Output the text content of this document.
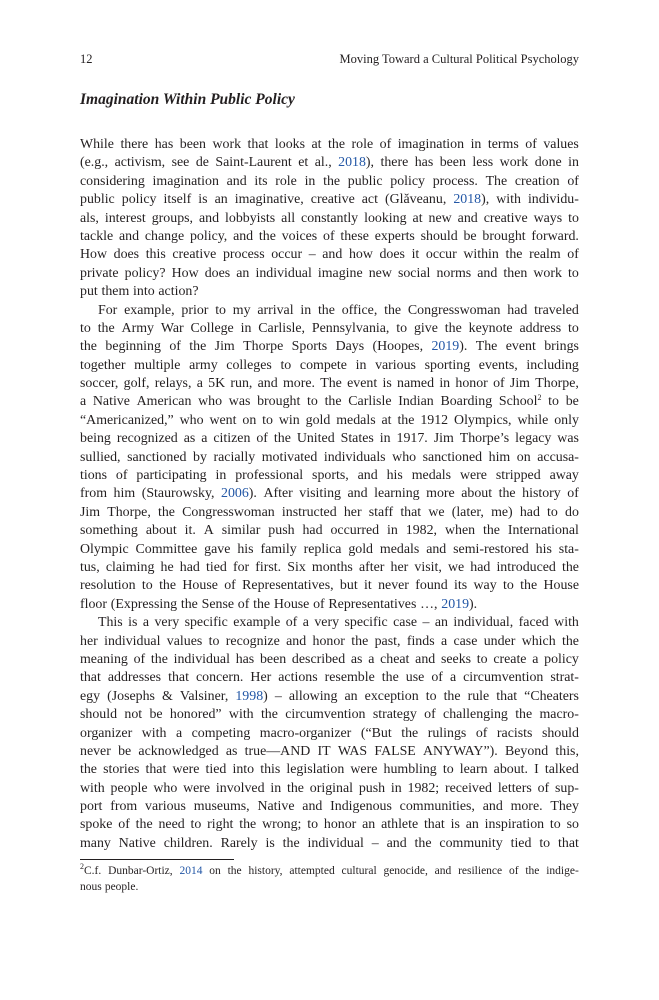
12	Moving Toward a Cultural Political Psychology
Imagination Within Public Policy
While there has been work that looks at the role of imagination in terms of values
(e.g., activism, see de Saint-Laurent et al., 2018), there has been less work done in
considering imagination and its role in the public policy process. The creation of
public policy itself is an imaginative, creative act (Glăveanu, 2018), with individu-
als, interest groups, and lobbyists all constantly looking at new and creative ways to
tackle and change policy, and the voices of these experts should be brought forward.
How does this creative process occur – and how does it occur within the realm of
private policy? How does an individual imagine new social norms and then work to
put them into action?
For example, prior to my arrival in the office, the Congresswoman had traveled
to the Army War College in Carlisle, Pennsylvania, to give the keynote address to
the beginning of the Jim Thorpe Sports Days (Hoopes, 2019). The event brings
together multiple army colleges to compete in various sporting events, including
soccer, golf, relays, a 5K run, and more. The event is named in honor of Jim Thorpe,
a Native American who was brought to the Carlisle Indian Boarding School$^2$ to be
“Americanized,” who went on to win gold medals at the 1912 Olympics, while only
being recognized as a citizen of the United States in 1917. Jim Thorpe’s legacy was
sullied, sanctioned by racially motivated individuals who sanctioned him on accusa-
tions of participating in professional sports, and his medals were stripped away
from him (Staurowsky, 2006). After visiting and learning more about the history of
Jim Thorpe, the Congresswoman instructed her staff that we (later, me) had to do
something about it. A similar push had occurred in 1982, when the International
Olympic Committee gave his family replica gold medals and semi-restored his sta-
tus, claiming he had tied for first. Six months after her visit, we had introduced the
resolution to the House of Representatives, but it never found its way to the House
floor (Expressing the Sense of the House of Representatives …, 2019).
This is a very specific example of a very specific case – an individual, faced with
her individual values to recognize and honor the past, finds a case under which the
meaning of the individual has been described as a cheat and seeks to create a policy
that addresses that concern. Her actions resemble the use of a circumvention strat-
egy (Josephs & Valsiner, 1998) – allowing an exception to the rule that “Cheaters
should not be honored” with the circumvention strategy of challenging the macro-
organizer with a competing macro-organizer (“But the rulings of racists should
never be acknowledged as true—AND IT WAS FALSE ANYWAY”). Beyond this,
the stories that were tied into this legislation were humbling to learn about. I talked
with people who were involved in the original push in 1982; received letters of sup-
port from various museums, Native and Indigenous communities, and more. They
spoke of the need to right the wrong; to honor an athlete that is an inspiration to so
many Native children. Rarely is the individual – and the community tied to that
$^2$C.f. Dunbar-Ortiz, 2014 on the history, attempted cultural genocide, and resilience of the indige-
nous people.
